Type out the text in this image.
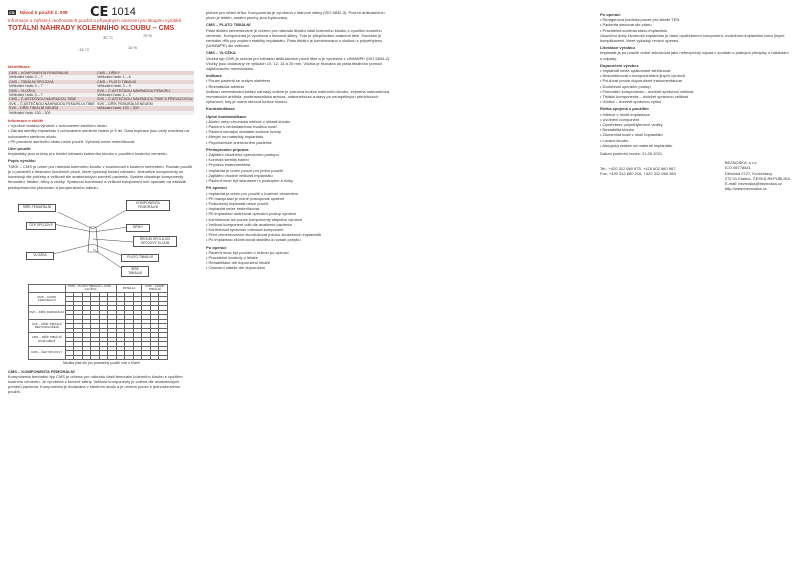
CS Návod k použití č. 008
Informace o zařízení, možnostech použití a případných omezení pro skupinu výrobků
TOTÁLNÍ NÁHRADY KOLENNÍHO KLOUBU – CMS
30 °C	70 %
-15 °C	10 %
Identifikace
CMS – KOMPONENTA FEMORÁLNÍ	CMS – DŘÍKY
Velikostní řada: 0 – 7	Velikostní řada: 1 – 8
CMS – TIBIÁLNÍ SPOJOVÁ	CMS – PLATO TIBIÁLNÍ
Velikostní řada: 0 – 7	Velikostní řada: 3 – 9
CMS – VLOŽKA	SVK – Č.ÁSTEČNOU NÁHRADOU FEMURU
Velikostní řada: 3 – 7	Velikostní řada: 1 – 3
CMS – Č.ÁSTEČNOU NÁHRADOU TIBIE	SVK – Č.ÁSTEČNOU NÁHRADOU TIBIE S PŘEVAZOVOU
SVK – Č.ÁSTEČNOU NÁHRADOU FEMURU A TIBIE	SVK – DŘÍK FEMURÁLNÍ NEUEM
SVK – DŘÍK TIBIÁLNÍ NEUEM	Velikostní řada: 100 – 300
Velikostní řada: 100 – 300	
Informace o ztělitě
• Výrobce dodává výrobek v uchovaném sterilním obalu.
• Záruka sterility implantátu v uchovaném sterilním balení je 5 let. Data expirace jsou vždy uvedena na uchovaném sterilním obalu.
• Při porušení sterilního obalu nelze použít. Výrobek nelze resterilizovat.
Účel použití

Implantáty jsou určeny pro totální náhradu kolenního kloubu u pouštění kostního cementu.

Popis výrobku

TNKK – CMS je určen pro náhradu kolenního kloubu v součinnosti s kostním cementem. Rozsah použití je u pacientů s destrukcí kloubních ploch, které vyžadují totální náhradu. Jednotlivé komponenty se kombinují dle potřeby a velikosti dle anatomických poměrů pacienta. Systém obsahuje komponenty femorální, tibiální, dříky a vložky. Správnou kombinaci a velikost komponent určí operatér na základě předoperačního plánování a peroperačního nálezu.

ŠIŘE FEMURÁLNÍ
KOMPONENTA FEMORÁLNÍ
ČEP SPOJOVÝ	DŘÍKY
ŠROUB SPOLUJÍCÍ SPOJOVÝ KLOUB
VLOŽKA	PLATO TIBIÁLNÍ
ŠIŘE TIBIÁLNÍ
	CMS – PLATO TIBIÁLNÍ + CMS – VLOŽKA						PATELLA			CMS – KOMP. TIBIÁLNÍ		
CMS – KOMP. FEMORÁLNÍ												

SVK – DŘÍK FEMURÁLNÍ												

SVK – DŘÍK TIBIÁLNÍ BEZ ROZLOŽENÍ												

CMS – DŘÍK TIBIÁLNÍ ROZLOŽENÍ												

CMS – ČEP SPOJOVÝ												

Tabulka platí dle pro pravidelný použití více s čůzeli
CMS – KOMPONENTA FEMORÁLNÍ

Komponenta femorální typ CMS je určena pro náhradu části femorální kolenního kloubu s využitím kostního cementu. Je vyrobena z kovové slitiny. Velikost komponenty je volena dle anatomických poměrů pacienta. Komponenta je dodávána v sterilním obalu a je určena pouze k jednorázovému použití.

CE 1014	ploben pro vrtání dříku. Komponenta je vyrobena z titanové slitiny (ISO 5832-3). Povrch artikulačních ploch je leštěn, ostatní plochy jsou tryskovány.

CMS – PLATO TIBIÁLNÍ

Plato tibiální cementované je určeno pro náhradu tibiální části kolenního kloubu s využitím kostního cementu. Komponenta je vyrobena z titanové slitiny. Tvar je přizpůsoben anatomii tibie. Součástí je centrální dřík pro zvýšení stability implantátu. Plato tibiální je kombinováno s vložkou z polyethylenu (UHMWPE) dle velikosti.

CMS – VLOŽKA

Vložka typ CMS je určena pro náhradu artikulačních ploch tibie a je vyrobena z UHMWPE (ISO 5834-2). Vložky jsou dodávány ve výškách 10, 12, 14 a 20 mm. Vložka je fixována do plata tibiálního pomocí zajišťovacího mechanismu.

Indikace
• Pouze pacienti se zralým skeletem
• Revmatická artritida

Indikací cementování totální náhrady kolene je porucha funkce kolenního kloubu, zejména osteoartróza, revmatoidní artritida, posttraumatická artróza, osteonekróza a stavy po neúspěšných předchozích výkonech, kdy je nutná obnova funkce kloubu.

Kontraindikace
Úplné kontraindikace
• Akutní nebo chronická infekce v oblasti kloubu
• Pacient s nedostatečnou kvalitou kostí
• Pacient nemající dostatek svalové hmoty
• Alergie na materiály implantátu
• Psychiatrické onemocnění pacienta
Předoperační příprava
• Zajištění vhodného operačního postupu
• Kontrola sterility balení
• Příprava instrumentária
• Implantát je určen pouze pro jedno použití
• Zajištění vhodné velikosti implantátu
• Pacient musí být seznámen s postupem a riziky
Při operaci
• Implantát je určen pro použití s kostním cementem
• Při manipulaci je nutné postupovat opatrně
• Poškozený implantát nelze použít
• Implantát nelze resterilizovat
• Při implantaci dodržovat operační postup výrobce
• Kombinovat lze pouze komponenty stejného výrobce
• Velikost komponent volit dle anatomie pacienta
• Kontrolovat správnou orientaci komponent
• Před cementováním zkontrolovat polohu zkušebních implantátů
• Po implantaci zkontrolovat stabilitu a rozsah pohybu
Po operaci
• Pacient musí být poučen o režimu po operaci
• Pravidelné kontroly u lékaře
• Rehabilitace dle doporučení lékaře
• Omezení zátěže dle doporučení
Po operaci
• Rentgenová kontrola pouze pro lékaře TEN
• Pacienta sledovat dle plánu
• Pravidelná kontrola stavu implantátu

Ukončení doby životnosti implantátu je dáno opotřebením komponent, uvolněním implantátu nebo jinými komplikacemi, které vyžadují revizní operaci.

Likvidace výrobku

Implantát je po použití nutné zlikvidovat jako nebezpečný odpad v souladu s platnými předpisy o nakládání s odpady.

Doporučení výrobce
• Implantát nelze opakovaně sterilizovat
• Nekombinovat s komponentami jiných výrobců
• Používat pouze doporučené instrumentárium
• Dodržovat operační postup
• Femorální komponenta – dodržet správnou velikost
• Tibiální komponenta – dodržet správnou velikost
• Vložka – dodržet správnou výšku
Rizika spojená s použitím
• Infekce v místě implantace
• Uvolnění komponent
• Opotřebení polyethylenové vložky
• Nestabilita kloubu
• Zlomenina kosti v okolí implantátu
• Luxace kloubu
• Alergická reakce na materiál implantátu

Datum poslední revize: 21.05.2021

Tel.: +420 312 660 875, +420 602 660 567
Fax: +420 312 660 216, +420 312 660 384
BEZNOSKA, s.r.o.
ICO 45778641
Dělnická 2727, Kročehlavy
272 01 Kladno, ČESKÁ REPUBLIKA
E-mail: beznoska@beznoska.cz
http://www.beznoska.cz
